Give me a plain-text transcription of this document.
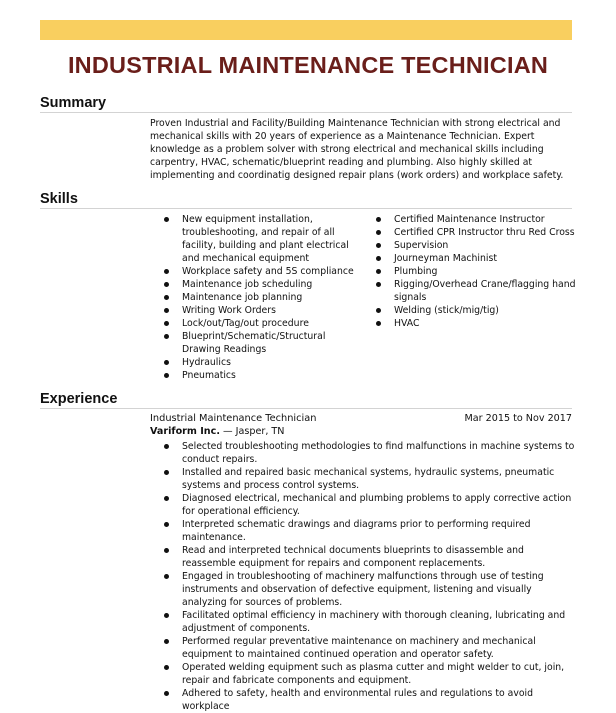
INDUSTRIAL MAINTENANCE TECHNICIAN
Summary

Proven Industrial and Facility/Building Maintenance Technician with strong electrical and mechanical skills with 20 years of experience as a Maintenance Technician. Expert knowledge as a problem solver with strong electrical and mechanical skills including carpentry, HVAC, schematic/blueprint reading and plumbing. Also highly skilled at implementing and coordinatig designed repair plans (work orders) and workplace safety.

Skills
New equipment installation, troubleshooting, and repair of all facility, building and plant electrical and mechanical equipment
Workplace safety and 5S compliance
Maintenance job scheduling
Maintenance job planning
Writing Work Orders
Lock/out/Tag/out procedure
Blueprint/Schematic/Structural Drawing Readings
Hydraulics
Pneumatics
Certified Maintenance Instructor
Certified CPR Instructor thru Red Cross
Supervision
Journeyman Machinist
Plumbing
Rigging/Overhead Crane/flagging hand signals
Welding (stick/mig/tig)
HVAC
Experience
Industrial Maintenance Technician	Mar 2015 to Nov 2017
Variform Inc. — Jasper, TN
Selected troubleshooting methodologies to find malfunctions in machine systems to conduct repairs.
Installed and repaired basic mechanical systems, hydraulic systems, pneumatic systems and process control systems.
Diagnosed electrical, mechanical and plumbing problems to apply corrective action for operational efficiency.
Interpreted schematic drawings and diagrams prior to performing required maintenance.
Read and interpreted technical documents blueprints to disassemble and reassemble equipment for repairs and component replacements.
Engaged in troubleshooting of machinery malfunctions through use of testing instruments and observation of defective equipment, listening and visually analyzing for sources of problems.
Facilitated optimal efficiency in machinery with thorough cleaning, lubricating and adjustment of components.
Performed regular preventative maintenance on machinery and mechanical equipment to maintained continued operation and operator safety.
Operated welding equipment such as plasma cutter and might welder to cut, join, repair and fabricate components and equipment.
Adhered to safety, health and environmental rules and regulations to avoid workplace
